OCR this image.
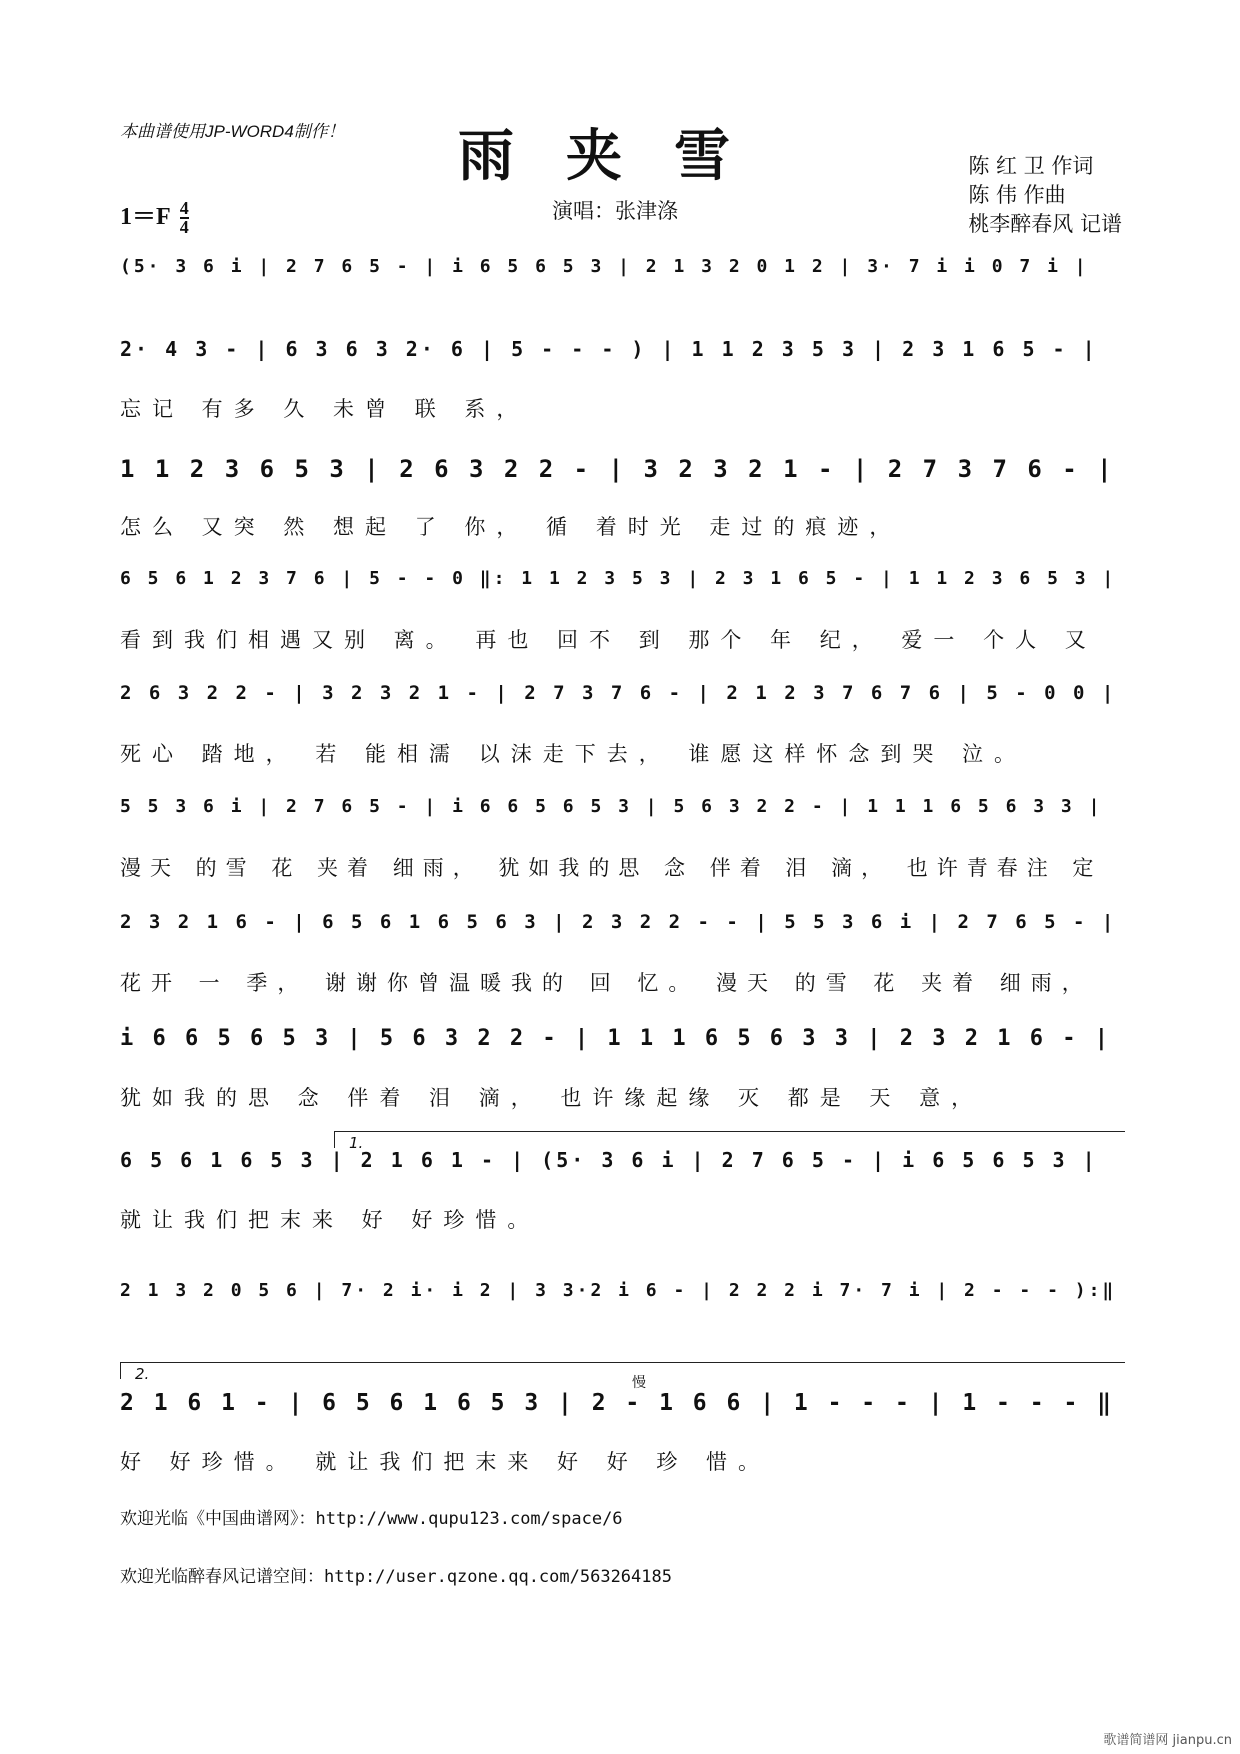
本曲谱使用JP-WORD4制作！	雨夹雪	陈 红 卫 作词
陈 伟 作曲
桃李醉春风 记谱
$1=F \frac{4}{4}$	演唱：张津涤
(5· 3 6 i | 2 7 6 5 - | i 6 5 6 5 3 | 2 1 3 2 0 1 2 | 3· 7 i i 0 7 i |
2· 4 3 - | 6 3 6 3 2· 6 | 5 - - - ) | 1 1 2 3 5 3 | 2 3 1 6 5 - |
忘记 有多 久 未曾 联 系，
1 1 2 3 6 5 3 | 2 6 3 2 2 - | 3 2 3 2 1 - | 2 7 3 7 6 - |
怎么 又突 然 想起 了 你， 循 着时光 走过的痕迹，
6 5 6 1 2 3 7 6 | 5 - - 0 ‖: 1 1 2 3 5 3 | 2 3 1 6 5 - | 1 1 2 3 6 5 3 |
看到我们相遇又别 离。 再也 回不 到 那个 年 纪， 爱一 个人 又
2 6 3 2 2 - | 3 2 3 2 1 - | 2 7 3 7 6 - | 2 1 2 3 7 6 7 6 | 5 - 0 0 |
死心 踏地， 若 能相濡 以沫走下去， 谁愿这样怀念到哭 泣。
5 5 3 6 i | 2 7 6 5 - | i 6 6 5 6 5 3 | 5 6 3 2 2 - | 1 1 1 6 5 6 3 3 |
漫天 的雪 花 夹着 细雨， 犹如我的思 念 伴着 泪 滴， 也许青春注 定
2 3 2 1 6 - | 6 5 6 1 6 5 6 3 | 2 3 2 2 - - | 5 5 3 6 i | 2 7 6 5 - |
花开 一 季， 谢谢你曾温暖我的 回 忆。 漫天 的雪 花 夹着 细雨，
i 6 6 5 6 5 3 | 5 6 3 2 2 - | 1 1 1 6 5 6 3 3 | 2 3 2 1 6 - |
犹如我的思 念 伴着 泪 滴， 也许缘起缘 灭 都是 天 意，
6 5 6 1 6 5 3 | 2 1 6 1 - | (5· 3 6 i | 2 7 6 5 - | i 6 5 6 5 3 |
就让我们把末来 好 好珍惜。
2 1 3 2 0 5 6 | 7· 2 i· i 2 | 3 3·2 i 6 - | 2 2 2 i 7· 7 i | 2 - - - ):‖
2 1 6 1 - | 6 5 6 1 6 5 3 | 2 - 1 6 6 | 1 - - - | 1 - - - ‖
好 好珍惜。 就让我们把末来 好 好 珍 惜。
1.
2.	慢
欢迎光临《中国曲谱网》：http://www.qupu123.com/space/6
欢迎光临醉春风记谱空间：http://user.qzone.qq.com/563264185
歌谱简谱网 jianpu.cn
